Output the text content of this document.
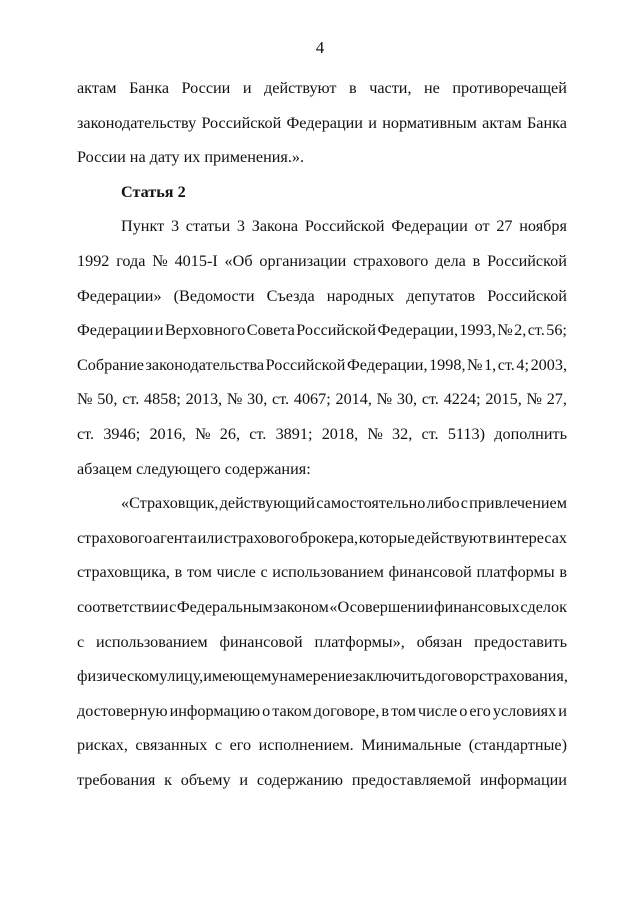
4
актам Банка России и действуют в части, не противоречащей
законодательству Российской Федерации и нормативным актам Банка
России на дату их применения.».
Статья 2
Пункт 3 статьи 3 Закона Российской Федерации от 27 ноября
1992 года № 4015-I «Об организации страхового дела в Российской
Федерации» (Ведомости Съезда народных депутатов Российской
Федерации и Верховного Совета Российской Федерации, 1993, № 2, ст. 56;
Собрание законодательства Российской Федерации, 1998, № 1, ст. 4; 2003,
№ 50, ст. 4858; 2013, № 30, ст. 4067; 2014, № 30, ст. 4224; 2015, № 27,
ст. 3946; 2016, № 26, ст. 3891; 2018, № 32, ст. 5113) дополнить
абзацем следующего содержания:
«Страховщик, действующий самостоятельно либо с привлечением
страхового агента или страхового брокера, которые действуют в интересах
страховщика, в том числе с использованием финансовой платформы в
соответствии с Федеральным законом «О совершении финансовых сделок
с использованием финансовой платформы», обязан предоставить
физическому лицу, имеющему намерение заключить договор страхования,
достоверную информацию о таком договоре, в том числе о его условиях и
рисках, связанных с его исполнением. Минимальные (стандартные)
требования к объему и содержанию предоставляемой информации
